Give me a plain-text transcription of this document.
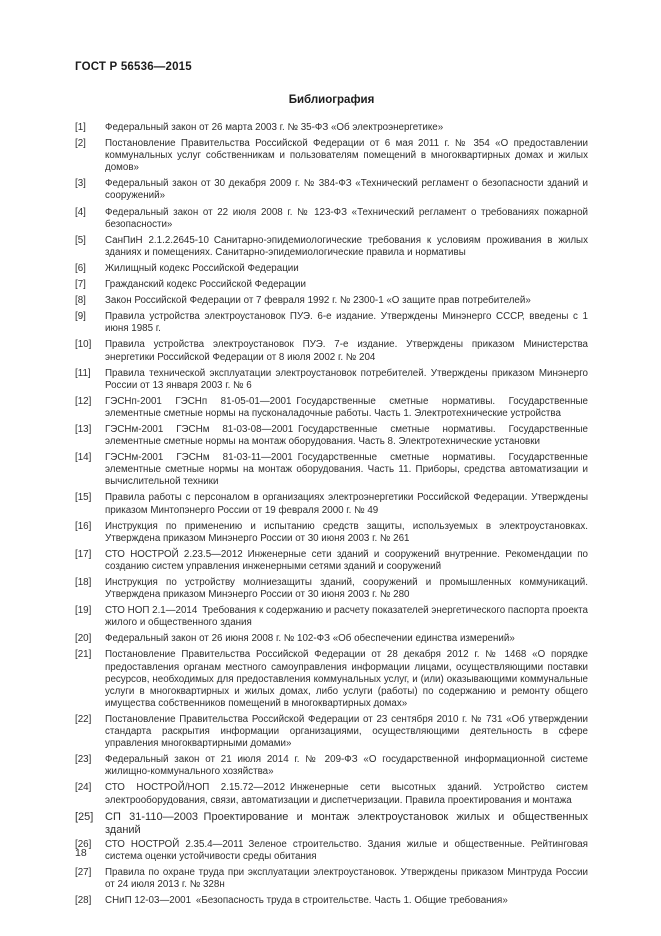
ГОСТ Р 56536—2015
Библиография
[1]	Федеральный закон от 26 марта 2003 г. № 35-ФЗ «Об электроэнергетике»
[2]	Постановление Правительства Российской Федерации от 6 мая 2011 г. № 354 «О предоставлении коммунальных услуг собственникам и пользователям помещений в многоквартирных домах и жилых домов»
[3]	Федеральный закон от 30 декабря 2009 г. № 384-ФЗ «Технический регламент о безопасности зданий и сооружений»
[4]	Федеральный закон от 22 июля 2008 г. № 123-ФЗ «Технический регламент о требованиях пожарной безопасности»
[5]	СанПиН 2.1.2.2645-10 Санитарно-эпидемиологические требования к условиям проживания в жилых зданиях и помещениях. Санитарно-эпидемиологические правила и нормативы
[6]	Жилищный кодекс Российской Федерации
[7]	Гражданский кодекс Российской Федерации
[8]	Закон Российской Федерации от 7 февраля 1992 г. № 2300-1 «О защите прав потребителей»
[9]	Правила устройства электроустановок ПУЭ. 6-е издание. Утверждены Минэнерго СССР, введены с 1 июня 1985 г.
[10]	Правила устройства электроустановок ПУЭ. 7-е издание. Утверждены приказом Министерства энергетики Российской Федерации от 8 июля 2002 г. № 204
[11]	Правила технической эксплуатации электроустановок потребителей. Утверждены приказом Минэнерго России от 13 января 2003 г. № 6
[12]	ГЭСНп-2001 ГЭСНп 81-05-01—2001 Государственные сметные нормативы. Государственные элементные сметные нормы на пусконаладочные работы. Часть 1. Электротехнические устройства
[13]	ГЭСНм-2001 ГЭСНм 81-03-08—2001 Государственные сметные нормативы. Государственные элементные сметные нормы на монтаж оборудования. Часть 8. Электротехнические установки
[14]	ГЭСНм-2001 ГЭСНм 81-03-11—2001 Государственные сметные нормативы. Государственные элементные сметные нормы на монтаж оборудования. Часть 11. Приборы, средства автоматизации и вычислительной техники
[15]	Правила работы с персоналом в организациях электроэнергетики Российской Федерации. Утверждены приказом Минтопэнерго России от 19 февраля 2000 г. № 49
[16]	Инструкция по применению и испытанию средств защиты, используемых в электроустановках. Утверждена приказом Минэнерго России от 30 июня 2003 г. № 261
[17]	СТО НОСТРОЙ 2.23.5—2012 Инженерные сети зданий и сооружений внутренние. Рекомендации по созданию систем управления инженерными сетями зданий и сооружений
[18]	Инструкция по устройству молниезащиты зданий, сооружений и промышленных коммуникаций. Утверждена приказом Минэнерго России от 30 июня 2003 г. № 280
[19]	СТО НОП 2.1—2014 Требования к содержанию и расчету показателей энергетического паспорта проекта жилого и общественного здания
[20]	Федеральный закон от 26 июня 2008 г. № 102-ФЗ «Об обеспечении единства измерений»
[21]	Постановление Правительства Российской Федерации от 28 декабря 2012 г. № 1468 «О порядке предоставления органам местного самоуправления информации лицами, осуществляющими поставки ресурсов, необходимых для предоставления коммунальных услуг, и (или) оказывающими коммунальные услуги в многоквартирных и жилых домах, либо услуги (работы) по содержанию и ремонту общего имущества собственников помещений в многоквартирных домах»
[22]	Постановление Правительства Российской Федерации от 23 сентября 2010 г. № 731 «Об утверждении стандарта раскрытия информации организациями, осуществляющими деятельность в сфере управления многоквартирными домами»
[23]	Федеральный закон от 21 июля 2014 г. № 209-ФЗ «О государственной информационной системе жилищно-коммунального хозяйства»
[24]	СТО НОСТРОЙ/НОП 2.15.72—2012 Инженерные сети высотных зданий. Устройство систем электрооборудования, связи, автоматизации и диспетчеризации. Правила проектирования и монтажа
[25]	СП 31-110—2003 Проектирование и монтаж электроустановок жилых и общественных зданий
[26]	СТО НОСТРОЙ 2.35.4—2011 Зеленое строительство. Здания жилые и общественные. Рейтинговая система оценки устойчивости среды обитания
[27]	Правила по охране труда при эксплуатации электроустановок. Утверждены приказом Минтруда России от 24 июля 2013 г. № 328н
[28]	СНиП 12-03—2001 «Безопасность труда в строительстве. Часть 1. Общие требования»
18
